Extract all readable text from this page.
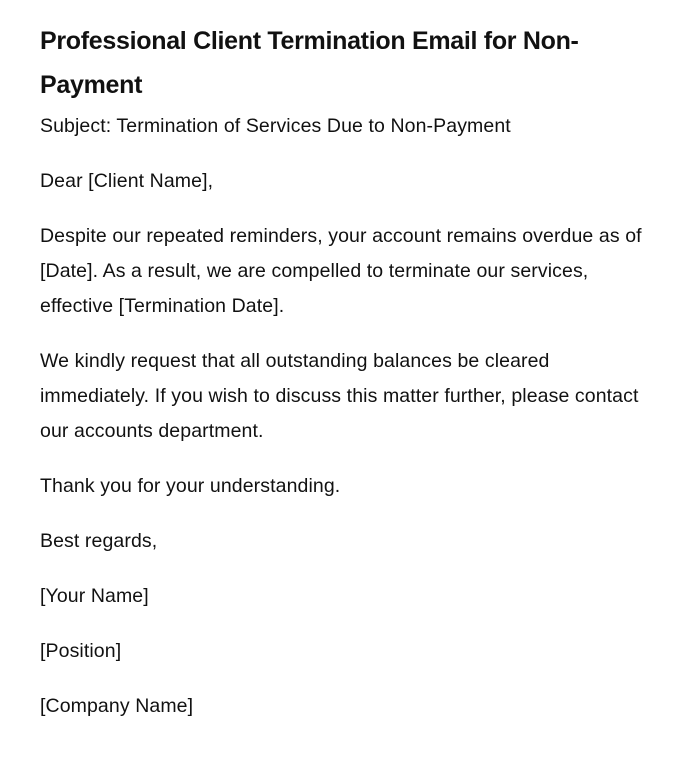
Professional Client Termination Email for Non-Payment

Subject: Termination of Services Due to Non-Payment

Dear [Client Name],

Despite our repeated reminders, your account remains overdue as of [Date]. As a result, we are compelled to terminate our services, effective [Termination Date].

We kindly request that all outstanding balances be cleared immediately. If you wish to discuss this matter further, please contact our accounts department.

Thank you for your understanding.

Best regards,

[Your Name]

[Position]

[Company Name]
